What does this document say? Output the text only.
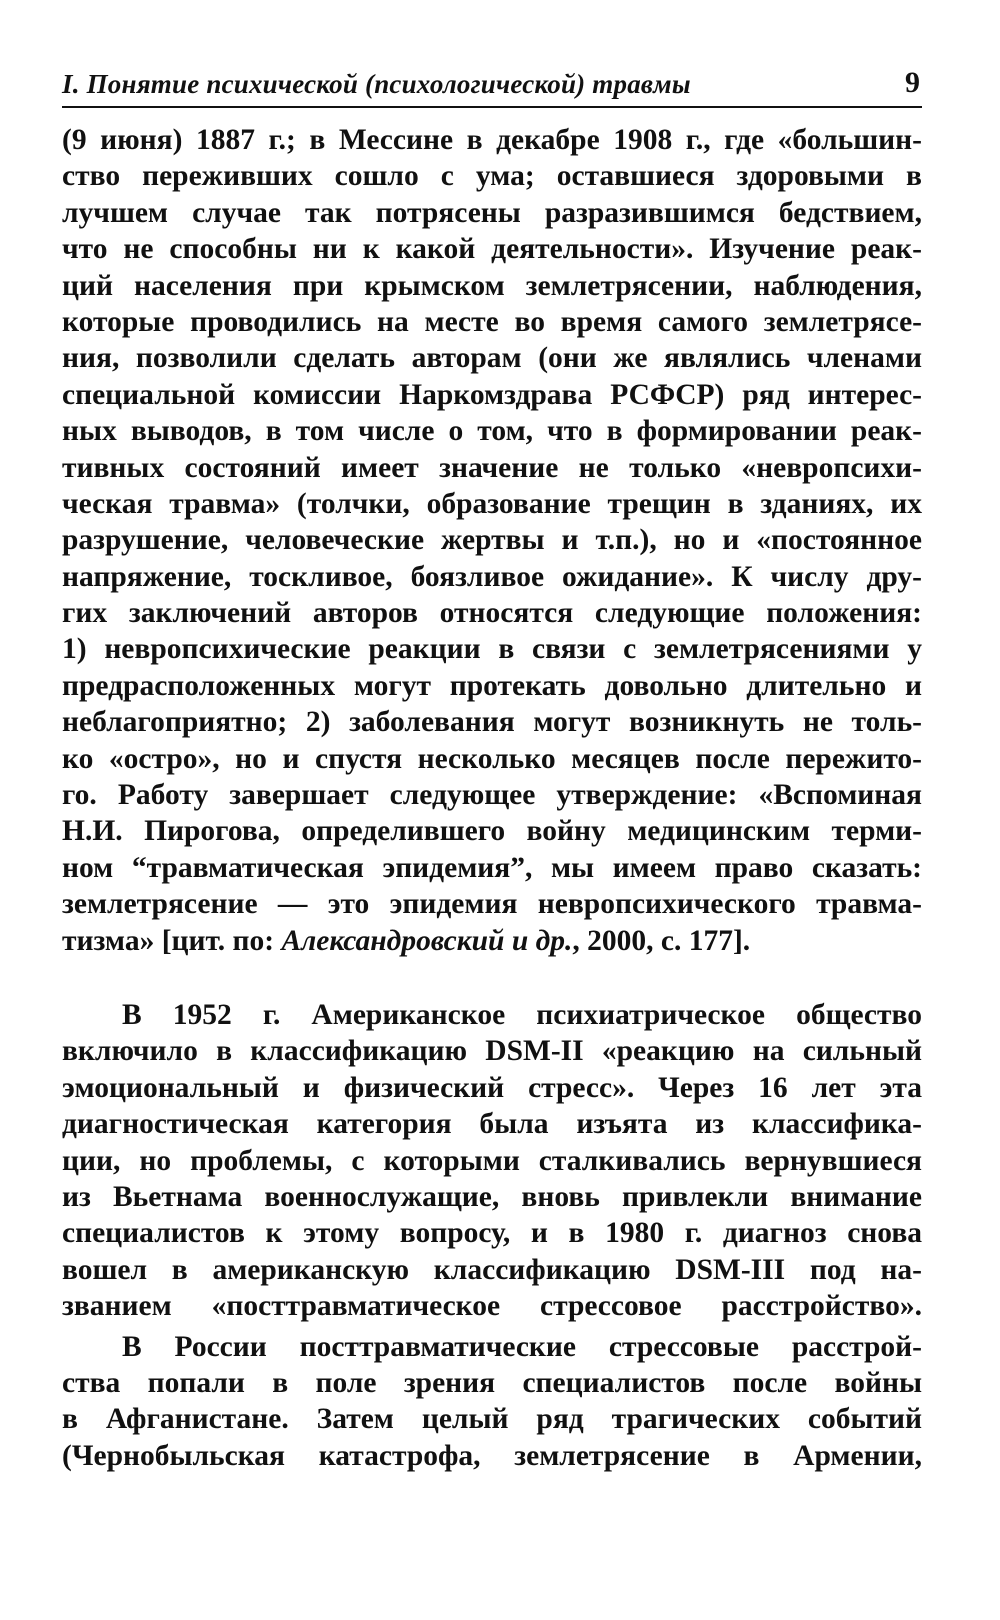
I. Понятие психической (психологической) травмы	9
(9 июня) 1887 г.; в Мессине в декабре 1908 г., где «большин-
ство переживших сошло с ума; оставшиеся здоровыми в
лучшем случае так потрясены разразившимся бедствием,
что не способны ни к какой деятельности». Изучение реак-
ций населения при крымском землетрясении, наблюдения,
которые проводились на месте во время самого землетрясе-
ния, позволили сделать авторам (они же являлись членами
специальной комиссии Наркомздрава РСФСР) ряд интерес-
ных выводов, в том числе о том, что в формировании реак-
тивных состояний имеет значение не только «невропсихи-
ческая травма» (толчки, образование трещин в зданиях, их
разрушение, человеческие жертвы и т.п.), но и «постоянное
напряжение, тоскливое, боязливое ожидание». К числу дру-
гих заключений авторов относятся следующие положения:
1) невропсихические реакции в связи с землетрясениями у
предрасположенных могут протекать довольно длительно и
неблагоприятно; 2) заболевания могут возникнуть не толь-
ко «остро», но и спустя несколько месяцев после пережито-
го. Работу завершает следующее утверждение: «Вспоминая
Н.И. Пирогова, определившего войну медицинским терми-
ном “травматическая эпидемия”, мы имеем право сказать:
землетрясение — это эпидемия невропсихического травма-
тизма» [цит. по: Александровский и др., 2000, с. 177].
В 1952 г. Американское психиатрическое общество
включило в классификацию DSM-II «реакцию на сильный
эмоциональный и физический стресс». Через 16 лет эта
диагностическая категория была изъята из классифика-
ции, но проблемы, с которыми сталкивались вернувшиеся
из Вьетнама военнослужащие, вновь привлекли внимание
специалистов к этому вопросу, и в 1980 г. диагноз снова
вошел в американскую классификацию DSM-III под на-
званием «посттравматическое стрессовое расстройство».
В России посттравматические стрессовые расстрой-
ства попали в поле зрения специалистов после войны
в Афганистане. Затем целый ряд трагических событий
(Чернобыльская катастрофа, землетрясение в Армении,
